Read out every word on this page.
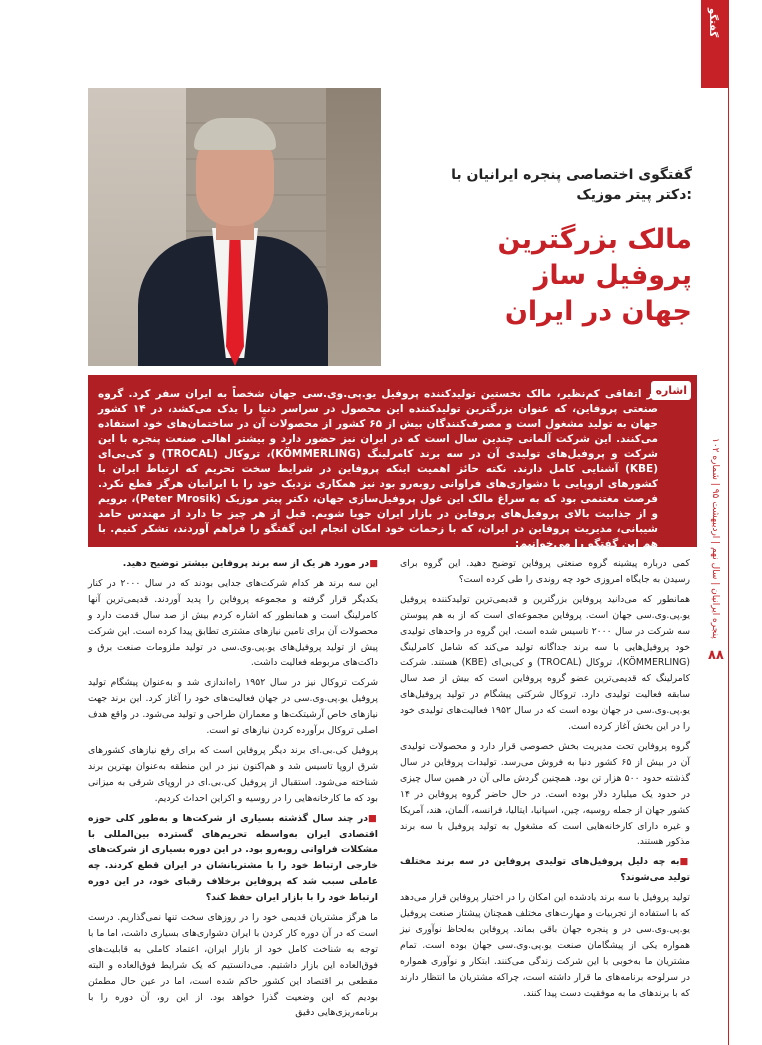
گفتگو
پنجره ایرانیان | سال نهم | اردیبهشت ۹۵ | شماره ۱۰۲
۸۸
گفتگوی اختصاصی پنجره ایرانیان با
دکتر پیتر موزیک:
مالک بزرگترین پروفیل ساز
جهان در ایران
اشاره

در اتفاقی کم‌نظیر، مالک نخستین تولیدکننده پروفیل یو.پی.وی.سی جهان شخصاً به ایران سفر کرد. گروه صنعتی پروفاین، که عنوان بزرگترین تولیدکننده این محصول در سراسر دنیا را یدک می‌کشد، در ۱۴ کشور جهان به تولید مشغول است و مصرف‌کنندگان بیش از ۶۵ کشور از محصولات آن در ساختمان‌های خود استفاده می‌کنند. این شرکت آلمانی چندین سال است که در ایران نیز حضور دارد و بیشتر اهالی صنعت پنجره با این شرکت و پروفیل‌های تولیدی آن در سه برند کامرلینگ (KÖMMERLING)، تروکال (TROCAL) و کی‌بی‌ای (KBE) آشنایی کامل دارند. نکته حائز اهمیت اینکه پروفاین در شرایط سخت تحریم که ارتباط ایران با کشورهای اروپایی با دشواری‌های فراوانی روبه‌رو بود نیز همکاری نزدیک خود را با ایرانیان هرگز قطع نکرد. فرصت مغتنمی بود که به سراغ مالک این غول پروفیل‌سازی جهان، دکتر پیتر موزیک (Peter Mrosik)، برویم و از جذابیت بالای پروفیل‌های پروفاین در بازار ایران جویا شویم. قبل از هر چیز جا دارد از مهندس حامد شیبانی، مدیریت پروفاین در ایران، که با زحمات خود امکان انجام این گفتگو را فراهم آوردند، تشکر کنیم. با هم این گفتگو را می‌خوانیم:

کمی درباره پیشینه گروه صنعتی پروفاین توضیح دهید. این گروه برای رسیدن به جایگاه امروزی خود چه روندی را طی کرده است؟

همانطور که می‌دانید پروفاین بزرگترین و قدیمی‌ترین تولیدکننده پروفیل یو.پی.وی.سی جهان است. پروفاین مجموعه‌ای است که از به هم پیوستن سه شرکت در سال ۲۰۰۰ تاسیس شده است. این گروه در واحدهای تولیدی خود پروفیل‌هایی با سه برند جداگانه تولید می‌کند که شامل کامرلینگ (KÖMMERLING)، تروکال (TROCAL) و کی‌بی‌ای (KBE) هستند. شرکت کامرلینگ که قدیمی‌ترین عضو گروه پروفاین است که بیش از صد سال سابقه فعالیت تولیدی دارد. تروکال شرکتی پیشگام در تولید پروفیل‌های یو.پی.وی.سی در جهان بوده است که در سال ۱۹۵۲ فعالیت‌های تولیدی خود را در این بخش آغاز کرده است.

گروه پروفاین تحت مدیریت بخش خصوصی قرار دارد و محصولات تولیدی آن در بیش از ۶۵ کشور دنیا به فروش می‌رسد. تولیدات پروفاین در سال گذشته حدود ۵۰۰ هزار تن بود. همچنین گردش مالی آن در همین سال چیزی در حدود یک میلیارد دلار بوده است. در حال حاضر گروه پروفاین در ۱۴ کشور جهان از جمله روسیه، چین، اسپانیا، ایتالیا، فرانسه، آلمان، هند، آمریکا و غیره دارای کارخانه‌هایی است که مشغول به تولید پروفیل با سه برند مذکور هستند.

■ به چه دلیل پروفیل‌های تولیدی پروفاین در سه برند مختلف تولید می‌شوند؟

تولید پروفیل با سه برند یادشده این امکان را در اختیار پروفاین قرار می‌دهد که با استفاده از تجربیات و مهارت‌های مختلف همچنان پیشتاز صنعت پروفیل یو.پی.وی.سی در و پنجره جهان باقی بماند. پروفاین به‌لحاظ نوآوری نیز همواره یکی از پیشگامان صنعت یو.پی.وی.سی جهان بوده است. تمام مشتریان ما به‌خوبی با این شرکت زندگی می‌کنند. ابتکار و نوآوری همواره در سرلوحه برنامه‌های ما قرار داشته است، چراکه مشتریان ما انتظار دارند که با برندهای ما به موفقیت دست پیدا کنند.

■ در مورد هر یک از سه برند پروفاین بیشتر توضیح دهید.

این سه برند هر کدام شرکت‌های جدایی بودند که در سال ۲۰۰۰ در کنار یکدیگر قرار گرفته و مجموعه پروفاین را پدید آوردند. قدیمی‌ترین آنها کامرلینگ است و همانطور که اشاره کردم بیش از صد سال قدمت دارد و محصولات آن برای تامین نیازهای مشتری تطابق پیدا کرده است. این شرکت پیش از تولید پروفیل‌های یو.پی.وی.سی در تولید ملزومات صنعت برق و داکت‌های مربوطه فعالیت داشت.

شرکت تروکال نیز در سال ۱۹۵۲ راه‌اندازی شد و به‌عنوان پیشگام تولید پروفیل یو.پی.وی.سی در جهان فعالیت‌های خود را آغاز کرد. این برند جهت نیازهای خاص آرشیتکت‌ها و معماران طراحی و تولید می‌شود. در واقع هدف اصلی تروکال برآورده کردن نیازهای تو است.

پروفیل کی.بی.ای برند دیگر پروفاین است که برای رفع نیازهای کشورهای شرق اروپا تاسیس شد و هم‌اکنون نیز در این منطقه به‌عنوان بهترین برند شناخته می‌شود. استقبال از پروفیل کی.بی.ای در اروپای شرقی به میزانی بود که ما کارخانه‌هایی را در روسیه و اکراین احداث کردیم.

■ در چند سال گذشته بسیاری از شرکت‌ها و به‌طور کلی حوزه اقتصادی ایران به‌واسطه تحریم‌های گسترده بین‌المللی با مشکلات فراوانی روبه‌رو بود. در این دوره بسیاری از شرکت‌های خارجی ارتباط خود را با مشتریانشان در ایران قطع کردند. چه عاملی سبب شد که پروفاین برخلاف رقبای خود، در این دوره ارتباط خود را با بازار ایران حفظ کند؟

ما هرگز مشتریان قدیمی خود را در روزهای سخت تنها نمی‌گذاریم. درست است که در آن دوره کار کردن با ایران دشواری‌های بسیاری داشت، اما ما با توجه به شناخت کامل خود از بازار ایران، اعتماد کاملی به قابلیت‌های فوق‌العاده این بازار داشتیم. می‌دانستیم که یک شرایط فوق‌العاده و البته مقطعی بر اقتصاد این کشور حاکم شده است، اما در عین حال مطمئن بودیم که این وضعیت گذرا خواهد بود. از این رو، آن دوره را با برنامه‌ریزی‌هایی دقیق
